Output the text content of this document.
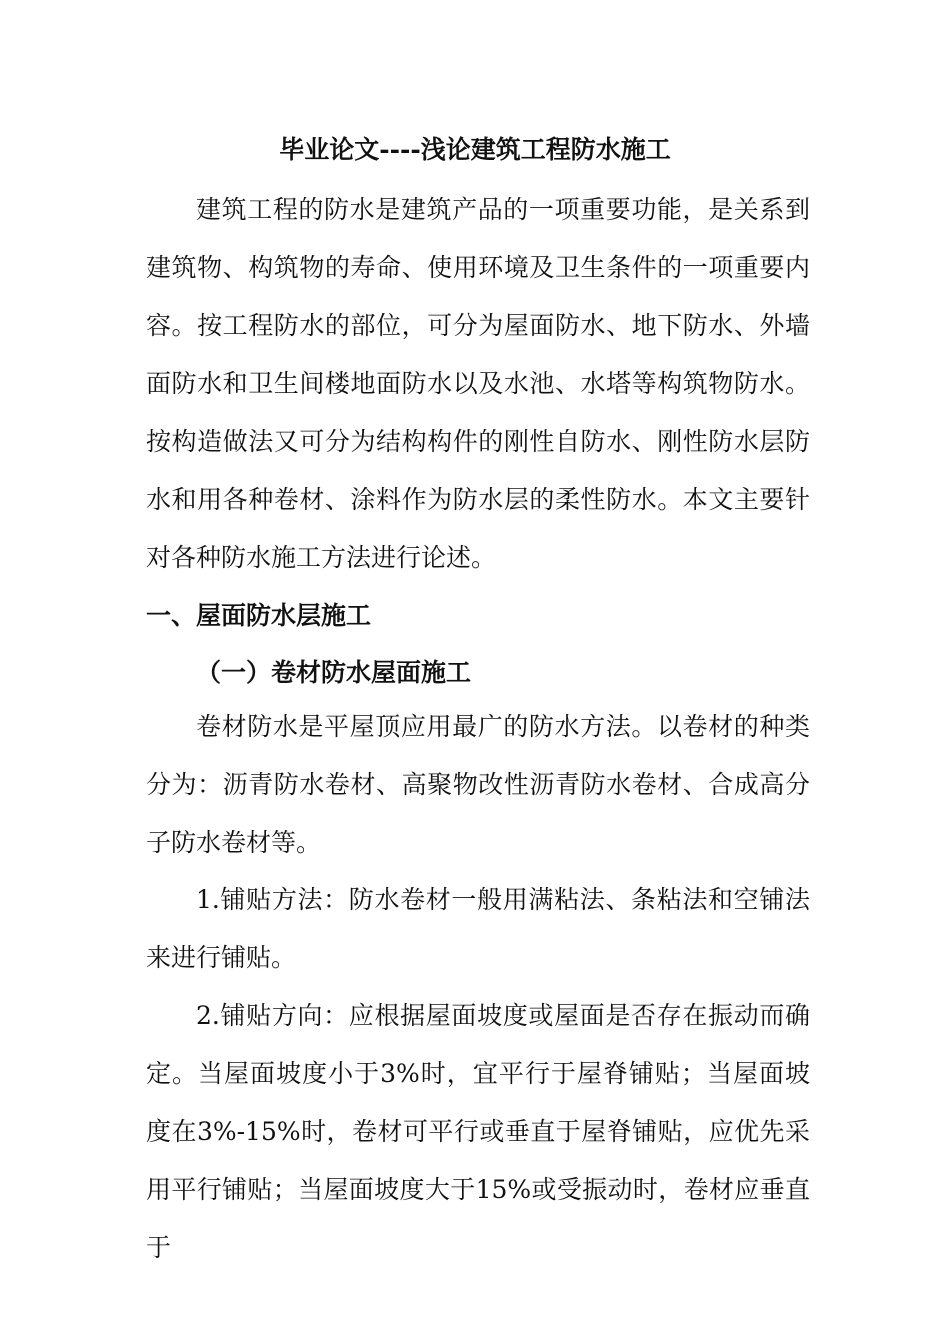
毕业论文----浅论建筑工程防水施工

建筑工程的防水是建筑产品的一项重要功能，是关系到建筑物、构筑物的寿命、使用环境及卫生条件的一项重要内容。按工程防水的部位，可分为屋面防水、地下防水、外墙面防水和卫生间楼地面防水以及水池、水塔等构筑物防水。按构造做法又可分为结构构件的刚性自防水、刚性防水层防水和用各种卷材、涂料作为防水层的柔性防水。本文主要针对各种防水施工方法进行论述。

一、屋面防水层施工
（一）卷材防水屋面施工

卷材防水是平屋顶应用最广的防水方法。以卷材的种类分为：沥青防水卷材、高聚物改性沥青防水卷材、合成高分子防水卷材等。

1.铺贴方法：防水卷材一般用满粘法、条粘法和空铺法来进行铺贴。

2.铺贴方向：应根据屋面坡度或屋面是否存在振动而确定。当屋面坡度小于3%时，宜平行于屋脊铺贴；当屋面坡度在3%-15%时，卷材可平行或垂直于屋脊铺贴，应优先采用平行铺贴；当屋面坡度大于15%或受振动时，卷材应垂直于
